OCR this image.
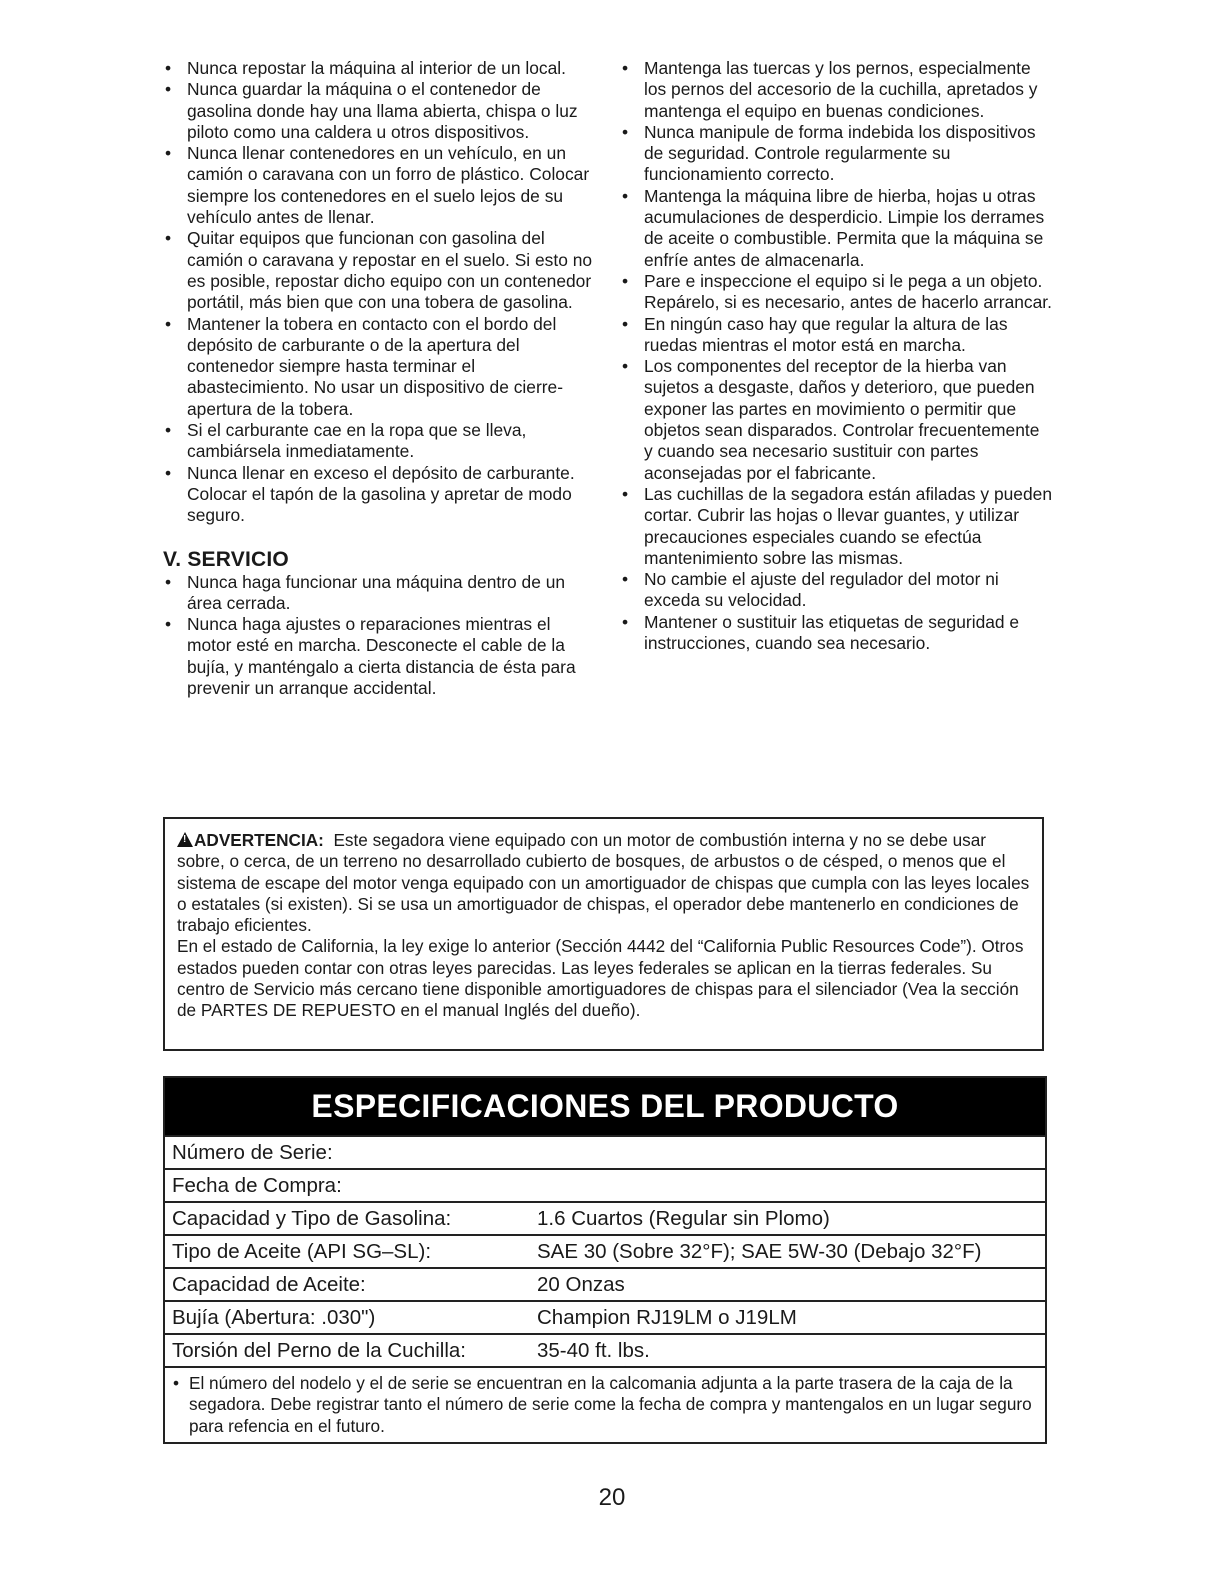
• Nunca repostar la máquina al interior de un local.
• Nunca guardar la máquina o el contenedor de gasolina donde hay una llama abierta, chispa o luz piloto como una caldera u otros dispositivos.
• Nunca llenar contenedores en un vehículo, en un camión o caravana con un forro de plástico. Colocar siempre los contenedores en el suelo lejos de su vehículo antes de llenar.
• Quitar equipos que funcionan con gasolina del camión o caravana y repostar en el suelo. Si esto no es posible, repostar dicho equipo con un contenedor portátil, más bien que con una tobera de gasolina.
• Mantener la tobera en contacto con el bordo del depósito de carburante o de la apertura del contenedor siempre hasta terminar el abastecimiento. No usar un dispositivo de cierre-apertura de la tobera.
• Si el carburante cae en la ropa que se lleva, cambiársela inmediatamente.
• Nunca llenar en exceso el depósito de carburante. Colocar el tapón de la gasolina y apretar de modo seguro.
V. SERVICIO
• Nunca haga funcionar una máquina dentro de un área cerrada.
• Nunca haga ajustes o reparaciones mientras el motor esté en marcha. Desconecte el cable de la bujía, y manténgalo a cierta distancia de ésta para prevenir un arranque accidental.
• Mantenga las tuercas y los pernos, especialmente los pernos del accesorio de la cuchilla, apretados y mantenga el equipo en buenas condiciones.
• Nunca manipule de forma indebida los dispositivos de seguridad. Controle regularmente su funcionamiento correcto.
• Mantenga la máquina libre de hierba, hojas u otras acumulaciones de desperdicio. Limpie los derrames de aceite o combustible. Permita que la máquina se enfríe antes de almacenarla.
• Pare e inspeccione el equipo si le pega a un objeto. Repárelo, si es necesario, antes de hacerlo arrancar.
• En ningún caso hay que regular la altura de las ruedas mientras el motor está en marcha.
• Los componentes del receptor de la hierba van sujetos a desgaste, daños y deterioro, que pueden exponer las partes en movimiento o permitir que objetos sean disparados. Controlar frecuentemente y cuando sea necesario sustituir con partes aconsejadas por el fabricante.
• Las cuchillas de la segadora están afiladas y pueden cortar. Cubrir las hojas o llevar guantes, y utilizar precauciones especiales cuando se efectúa mantenimiento sobre las mismas.
• No cambie el ajuste del regulador del motor ni exceda su velocidad.
• Mantener o sustituir las etiquetas de seguridad e instrucciones, cuando sea necesario.
!ADVERTENCIA: Este segadora viene equipado con un motor de combustión interna y no se debe usar sobre, o cerca, de un terreno no desarrollado cubierto de bosques, de arbustos o de césped, o menos que el sistema de escape del motor venga equipado con un amortiguador de chispas que cumpla con las leyes locales o estatales (si existen). Si se usa un amortiguador de chispas, el operador debe mantenerlo en condiciones de trabajo eficientes.
En el estado de California, la ley exige lo anterior (Sección 4442 del “California Public Resources Code”). Otros estados pueden contar con otras leyes parecidas. Las leyes federales se aplican en la tierras federales. Su centro de Servicio más cercano tiene disponible amortiguadores de chispas para el silenciador (Vea la sección de PARTES DE REPUESTO en el manual Inglés del dueño).
ESPECIFICACIONES DEL PRODUCTO
Número de Serie:
Fecha de Compra:
Capacidad y Tipo de Gasolina:	1.6 Cuartos (Regular sin Plomo)
Tipo de Aceite (API SG–SL):	SAE 30 (Sobre 32°F); SAE 5W-30 (Debajo 32°F)
Capacidad de Aceite:	20 Onzas
Bujía (Abertura: .030")	Champion RJ19LM o J19LM
Torsión del Perno de la Cuchilla:	35-40 ft. lbs.
• El número del nodelo y el de serie se encuentran en la calcomania adjunta a la parte trasera de la caja de la segadora. Debe registrar tanto el número de serie come la fecha de compra y mantengalos en un lugar seguro para refencia en el futuro.
20
